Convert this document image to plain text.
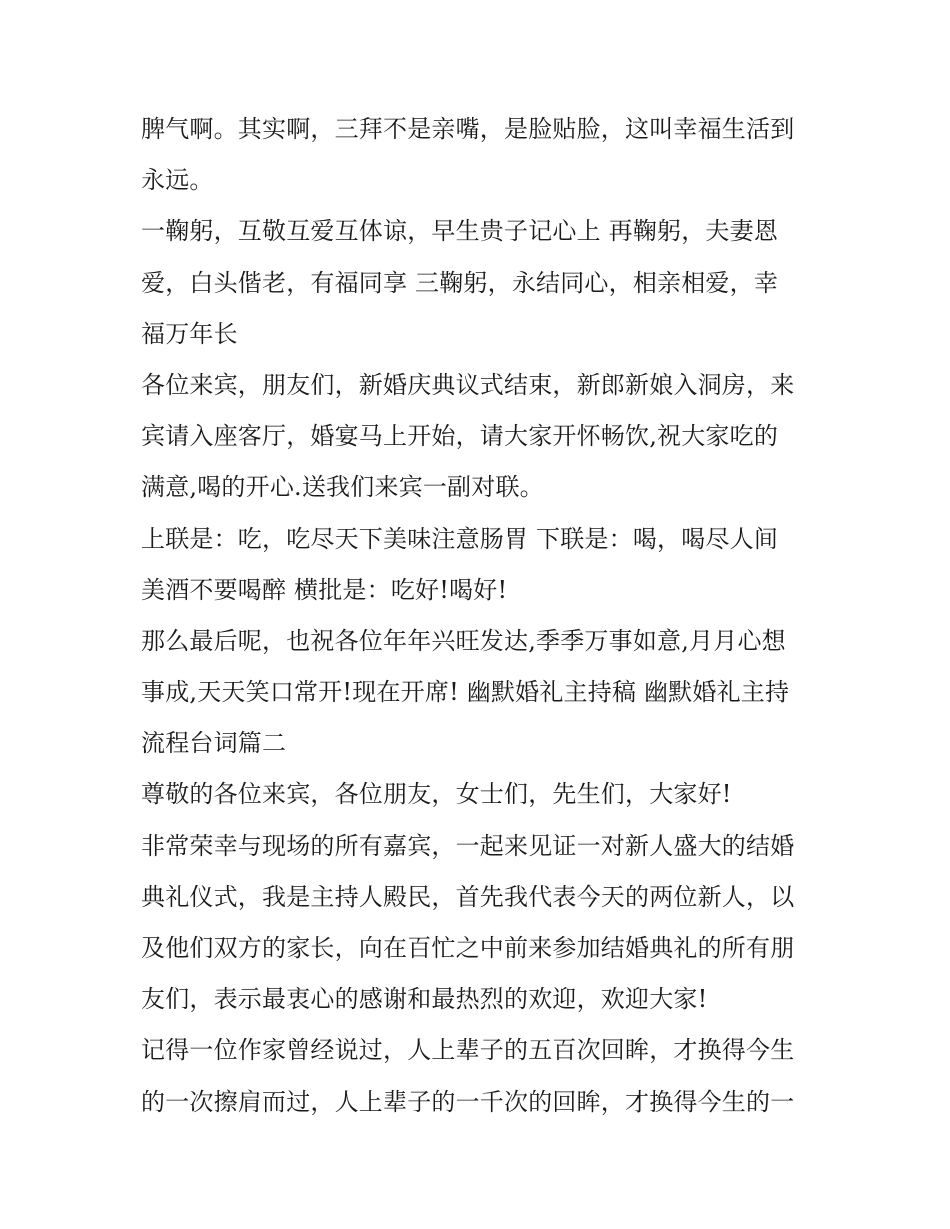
脾气啊。其实啊，三拜不是亲嘴，是脸贴脸，这叫幸福生活到
永远。

一鞠躬，互敬互爱互体谅，早生贵子记心上 再鞠躬，夫妻恩
爱，白头偕老，有福同享 三鞠躬，永结同心，相亲相爱，幸
福万年长

各位来宾，朋友们，新婚庆典议式结束，新郎新娘入洞房，来
宾请入座客厅，婚宴马上开始，请大家开怀畅饮,祝大家吃的
满意,喝的开心.送我们来宾一副对联。

上联是：吃，吃尽天下美味注意肠胃 下联是：喝，喝尽人间
美酒不要喝醉 横批是：吃好!喝好!

那么最后呢，也祝各位年年兴旺发达,季季万事如意,月月心想
事成,天天笑口常开!现在开席! 幽默婚礼主持稿 幽默婚礼主持
流程台词篇二

尊敬的各位来宾，各位朋友，女士们，先生们，大家好!

非常荣幸与现场的所有嘉宾，一起来见证一对新人盛大的结婚
典礼仪式，我是主持人殿民，首先我代表今天的两位新人，以
及他们双方的家长，向在百忙之中前来参加结婚典礼的所有朋
友们，表示最衷心的感谢和最热烈的欢迎，欢迎大家!

记得一位作家曾经说过，人上辈子的五百次回眸，才换得今生
的一次擦肩而过，人上辈子的一千次的回眸，才换得今生的一
